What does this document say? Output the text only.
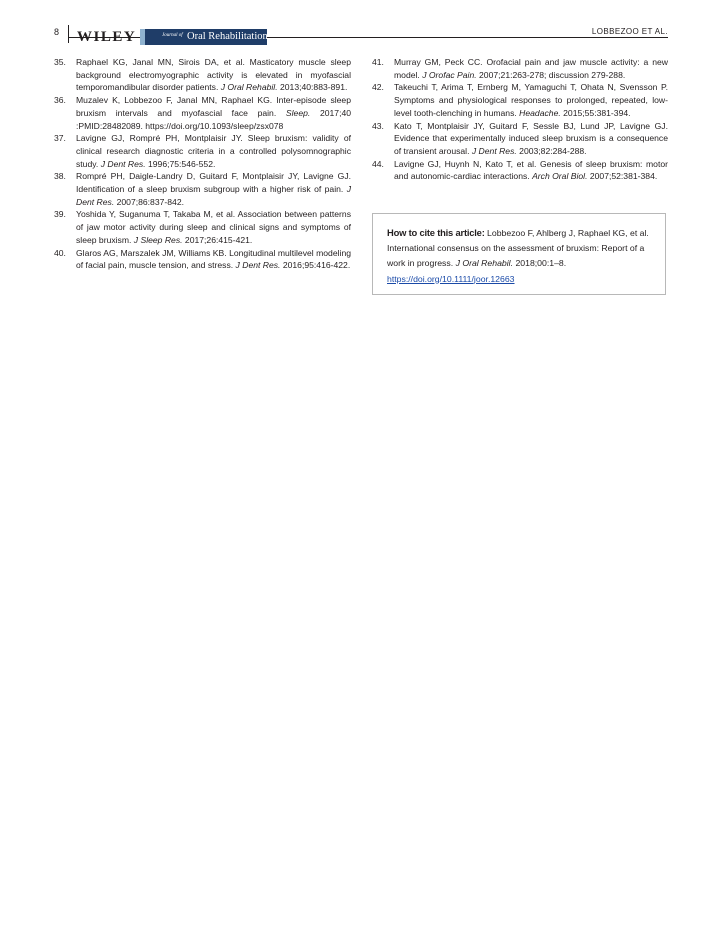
8 WILEY	Journal of Oral Rehabilitation	LOBBEZOO ET AL.
35. Raphael KG, Janal MN, Sirois DA, et al. Masticatory muscle sleep background electromyographic activity is elevated in myofascial temporomandibular disorder patients. J Oral Rehabil. 2013;40:883-891.
36. Muzalev K, Lobbezoo F, Janal MN, Raphael KG. Inter-episode sleep bruxism intervals and myofascial face pain. Sleep. 2017;40 :PMID:28482089. https://doi.org/10.1093/sleep/zsx078
37. Lavigne GJ, Rompré PH, Montplaisir JY. Sleep bruxism: validity of clinical research diagnostic criteria in a controlled polysomnographic study. J Dent Res. 1996;75:546-552.
38. Rompré PH, Daigle-Landry D, Guitard F, Montplaisir JY, Lavigne GJ. Identification of a sleep bruxism subgroup with a higher risk of pain. J Dent Res. 2007;86:837-842.
39. Yoshida Y, Suganuma T, Takaba M, et al. Association between patterns of jaw motor activity during sleep and clinical signs and symptoms of sleep bruxism. J Sleep Res. 2017;26:415-421.
40. Glaros AG, Marszalek JM, Williams KB. Longitudinal multilevel modeling of facial pain, muscle tension, and stress. J Dent Res. 2016;95:416-422.
41. Murray GM, Peck CC. Orofacial pain and jaw muscle activity: a new model. J Orofac Pain. 2007;21:263-278; discussion 279-288.
42. Takeuchi T, Arima T, Ernberg M, Yamaguchi T, Ohata N, Svensson P. Symptoms and physiological responses to prolonged, repeated, low-level tooth-clenching in humans. Headache. 2015;55:381-394.
43. Kato T, Montplaisir JY, Guitard F, Sessle BJ, Lund JP, Lavigne GJ. Evidence that experimentally induced sleep bruxism is a consequence of transient arousal. J Dent Res. 2003;82:284-288.
44. Lavigne GJ, Huynh N, Kato T, et al. Genesis of sleep bruxism: motor and autonomic-cardiac interactions. Arch Oral Biol. 2007;52:381-384.
How to cite this article: Lobbezoo F, Ahlberg J, Raphael KG, et al. International consensus on the assessment of bruxism: Report of a work in progress. J Oral Rehabil. 2018;00:1–8.
https://doi.org/10.1111/joor.12663
